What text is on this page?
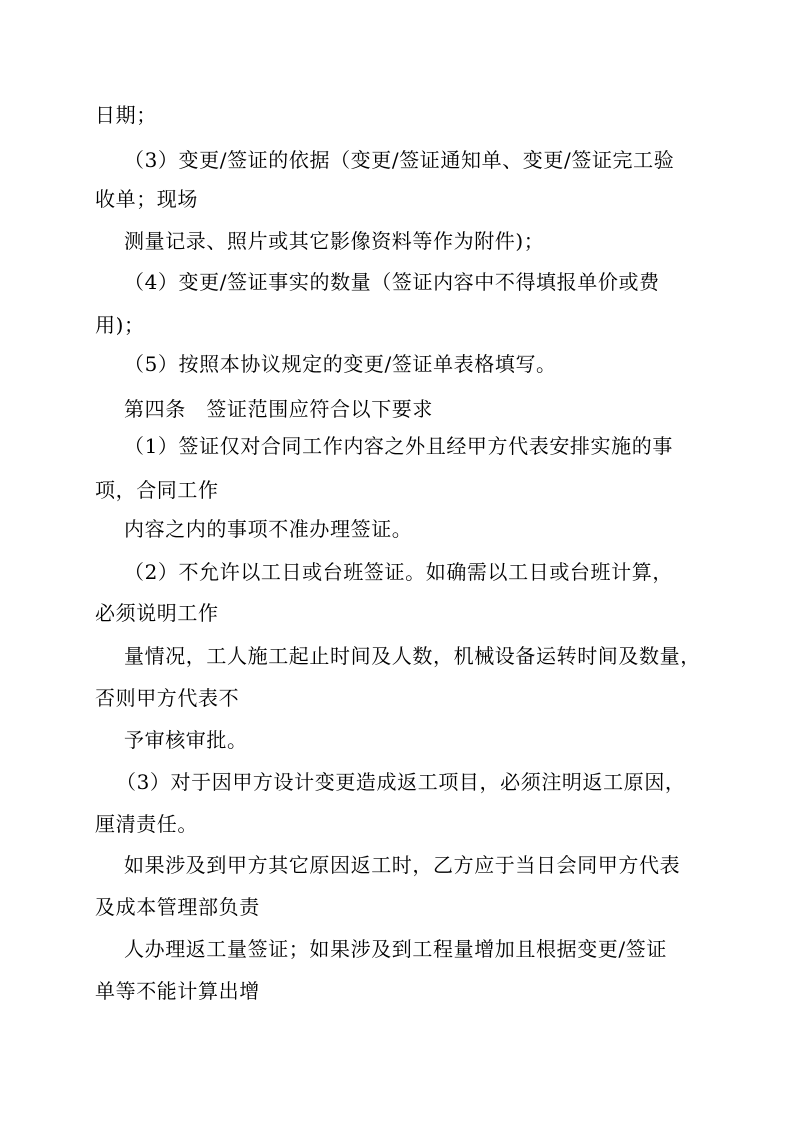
日期；
（3）变更/签证的依据（变更/签证通知单、变更/签证完工验
收单；现场
测量记录、照片或其它影像资料等作为附件)；
（4）变更/签证事实的数量（签证内容中不得填报单价或费
用)；
（5）按照本协议规定的变更/签证单表格填写。
第四条　签证范围应符合以下要求
（1）签证仅对合同工作内容之外且经甲方代表安排实施的事
项，合同工作
内容之内的事项不准办理签证。
（2）不允许以工日或台班签证。如确需以工日或台班计算，
必须说明工作
量情况，工人施工起止时间及人数，机械设备运转时间及数量，
否则甲方代表不
予审核审批。
（3）对于因甲方设计变更造成返工项目，必须注明返工原因，
厘清责任。
如果涉及到甲方其它原因返工时，乙方应于当日会同甲方代表
及成本管理部负责
人办理返工量签证；如果涉及到工程量增加且根据变更/签证
单等不能计算出增
